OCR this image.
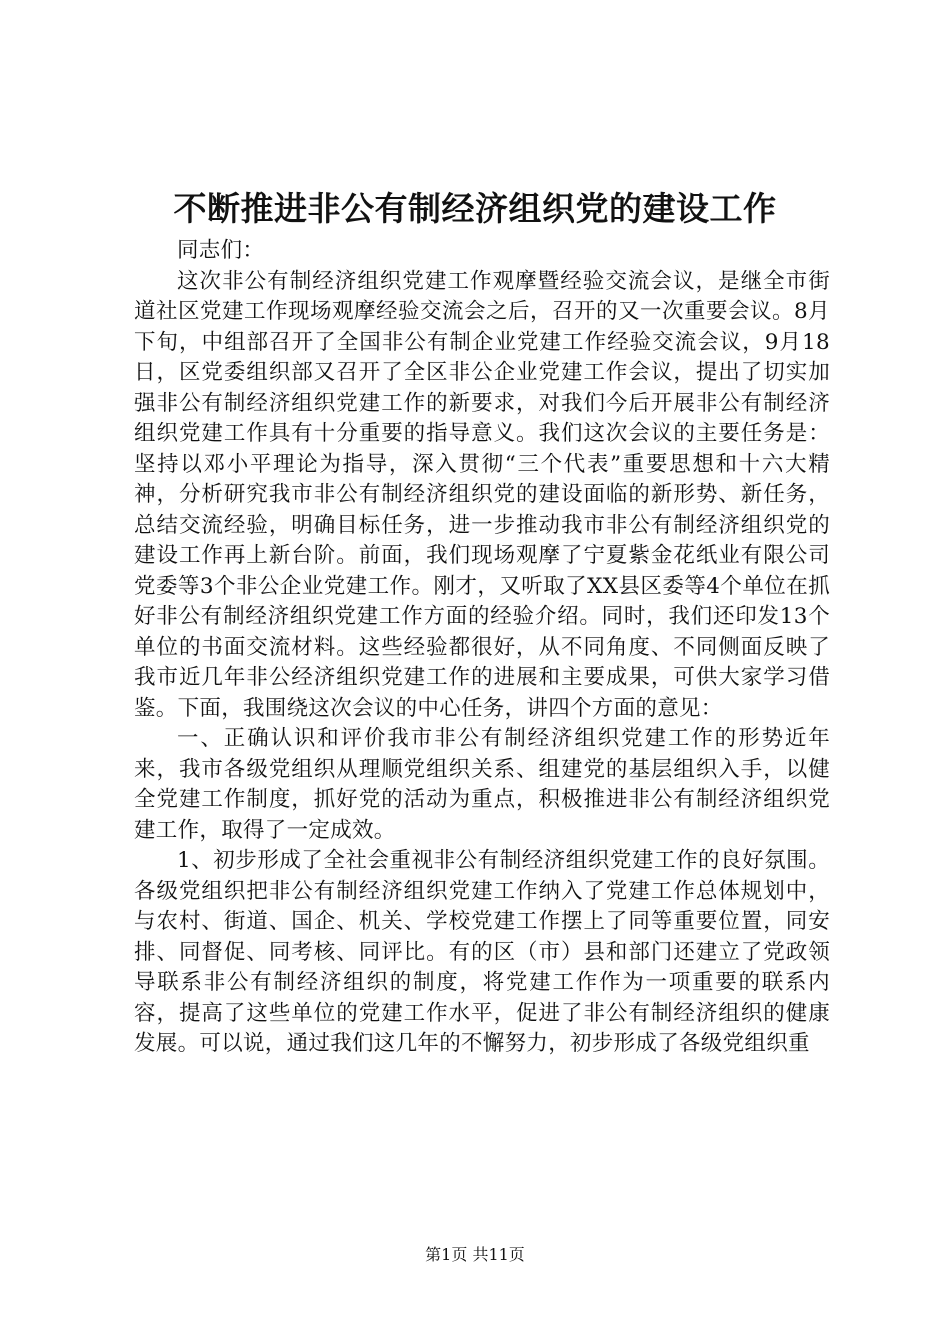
不断推进非公有制经济组织党的建设工作

同志们：

这次非公有制经济组织党建工作观摩暨经验交流会议，是继全市街道社区党建工作现场观摩经验交流会之后，召开的又一次重要会议。8月下旬，中组部召开了全国非公有制企业党建工作经验交流会议，9月18日，区党委组织部又召开了全区非公企业党建工作会议，提出了切实加强非公有制经济组织党建工作的新要求，对我们今后开展非公有制经济组织党建工作具有十分重要的指导意义。我们这次会议的主要任务是：坚持以邓小平理论为指导，深入贯彻“三个代表”重要思想和十六大精神，分析研究我市非公有制经济组织党的建设面临的新形势、新任务，总结交流经验，明确目标任务，进一步推动我市非公有制经济组织党的建设工作再上新台阶。前面，我们现场观摩了宁夏紫金花纸业有限公司党委等3个非公企业党建工作。刚才，又听取了XX县区委等4个单位在抓好非公有制经济组织党建工作方面的经验介绍。同时，我们还印发13个单位的书面交流材料。这些经验都很好，从不同角度、不同侧面反映了我市近几年非公经济组织党建工作的进展和主要成果，可供大家学习借鉴。下面，我围绕这次会议的中心任务，讲四个方面的意见：

一、正确认识和评价我市非公有制经济组织党建工作的形势近年来，我市各级党组织从理顺党组织关系、组建党的基层组织入手，以健全党建工作制度，抓好党的活动为重点，积极推进非公有制经济组织党建工作，取得了一定成效。

1、初步形成了全社会重视非公有制经济组织党建工作的良好氛围。各级党组织把非公有制经济组织党建工作纳入了党建工作总体规划中，与农村、街道、国企、机关、学校党建工作摆上了同等重要位置，同安排、同督促、同考核、同评比。有的区（市）县和部门还建立了党政领导联系非公有制经济组织的制度，将党建工作作为一项重要的联系内容，提高了这些单位的党建工作水平，促进了非公有制经济组织的健康发展。可以说，通过我们这几年的不懈努力，初步形成了各级党组织重

第1页 共11页
